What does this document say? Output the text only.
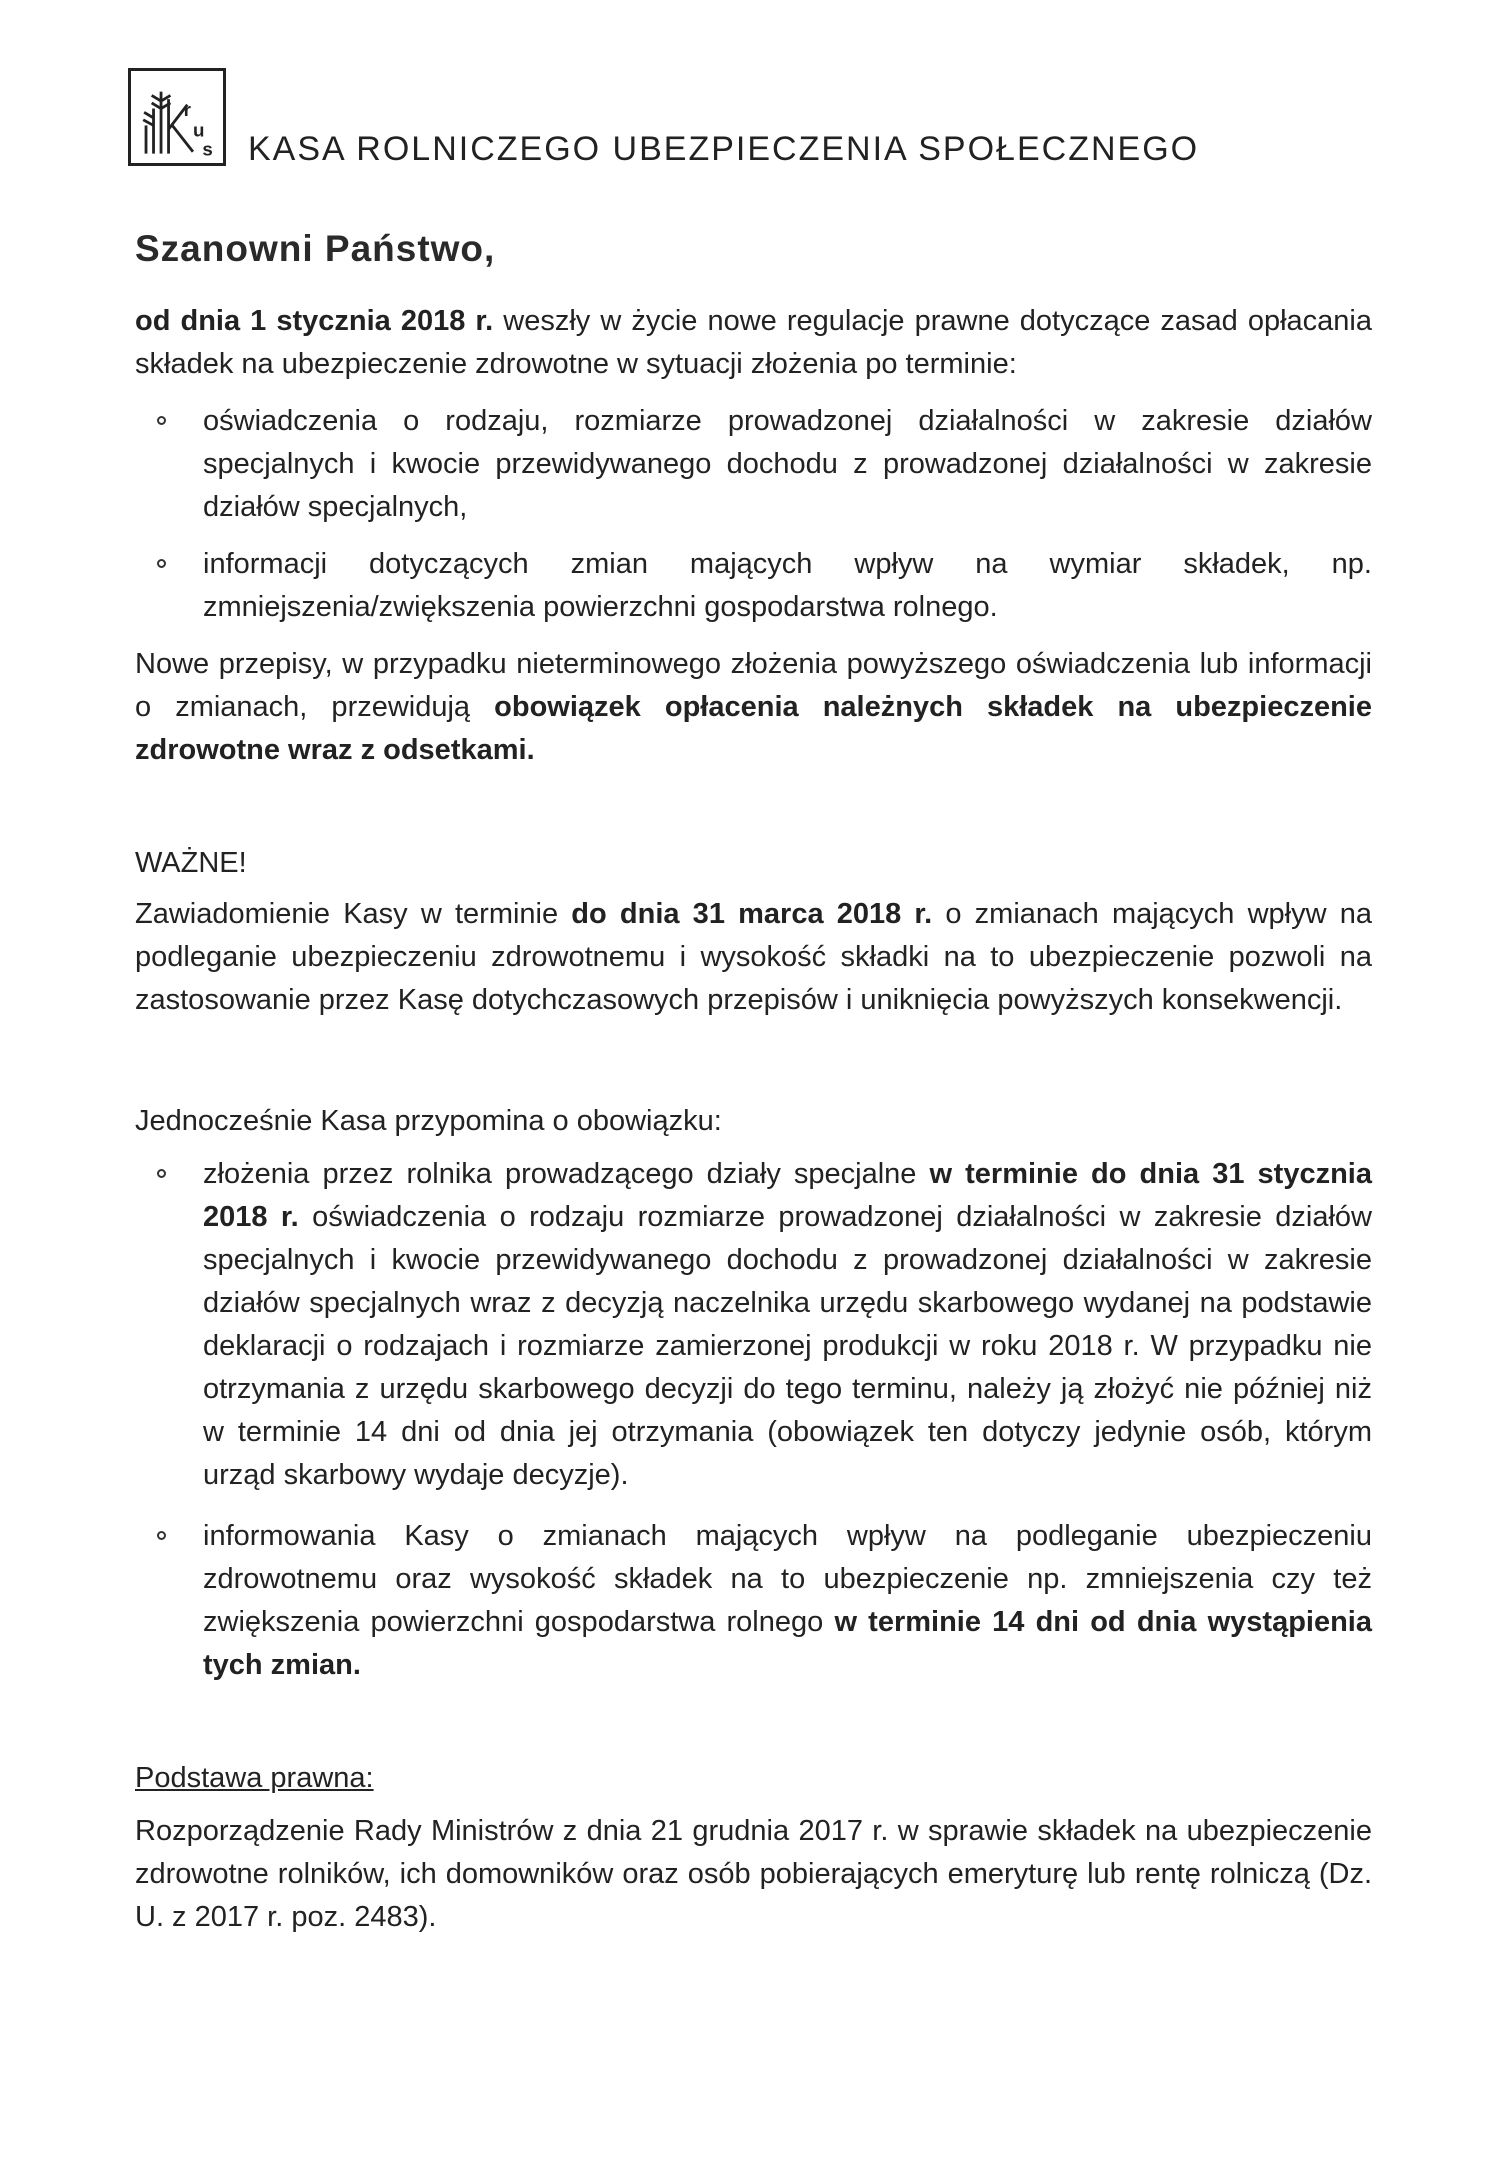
r
u
s KASA ROLNICZEGO UBEZPIECZENIA SPOŁECZNEGO
Szanowni Państwo,

od dnia 1 stycznia 2018 r. weszły w życie nowe regulacje prawne dotyczące zasad opłacania składek na ubezpieczenie zdrowotne w sytuacji złożenia po terminie:

oświadczenia o rodzaju, rozmiarze prowadzonej działalności w zakresie działów specjalnych i kwocie przewidywanego dochodu z prowadzonej działalności w zakresie działów specjalnych,
informacji dotyczących zmian mających wpływ na wymiar składek, np. zmniejszenia/zwiększenia powierzchni gospodarstwa rolnego.

Nowe przepisy, w przypadku nieterminowego złożenia powyższego oświadczenia lub informacji o zmianach, przewidują obowiązek opłacenia należnych składek na ubezpieczenie zdrowotne wraz z odsetkami.

WAŻNE!

Zawiadomienie Kasy w terminie do dnia 31 marca 2018 r. o zmianach mających wpływ na podleganie ubezpieczeniu zdrowotnemu i wysokość składki na to ubezpieczenie pozwoli na zastosowanie przez Kasę dotychczasowych przepisów i uniknięcia powyższych konsekwencji.

Jednocześnie Kasa przypomina o obowiązku:

złożenia przez rolnika prowadzącego działy specjalne w terminie do dnia 31 stycznia 2018 r. oświadczenia o rodzaju rozmiarze prowadzonej działalności w zakresie działów specjalnych i kwocie przewidywanego dochodu z prowadzonej działalności w zakresie działów specjalnych wraz z decyzją naczelnika urzędu skarbowego wydanej na podstawie deklaracji o rodzajach i rozmiarze zamierzonej produkcji w roku 2018 r. W przypadku nie otrzymania z urzędu skarbowego decyzji do tego terminu, należy ją złożyć nie później niż w terminie 14 dni od dnia jej otrzymania (obowiązek ten dotyczy jedynie osób, którym urząd skarbowy wydaje decyzje).
informowania Kasy o zmianach mających wpływ na podleganie ubezpieczeniu zdrowotnemu oraz wysokość składek na to ubezpieczenie np. zmniejszenia czy też zwiększenia powierzchni gospodarstwa rolnego w terminie 14 dni od dnia wystąpienia tych zmian.

Podstawa prawna:

Rozporządzenie Rady Ministrów z dnia 21 grudnia 2017 r. w sprawie składek na ubezpieczenie zdrowotne rolników, ich domowników oraz osób pobierających emeryturę lub rentę rolniczą (Dz. U. z 2017 r. poz. 2483).
